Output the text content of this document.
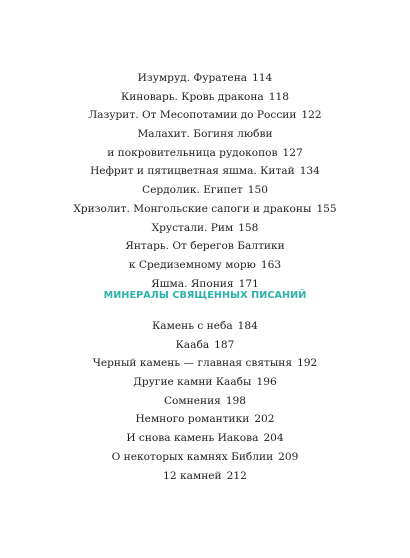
Изумруд. Фуратена 114
Киноварь. Кровь дракона 118
Лазурит. От Месопотамии до России 122
Малахит. Богиня любви
и покровительница рудокопов 127
Нефрит и пятицветная яшма. Китай 134
Сердолик. Египет 150
Хризолит. Монгольские сапоги и драконы 155
Хрустали. Рим 158
Янтарь. От берегов Балтики
к Средиземному морю 163
Яшма. Япония 171
МИНЕРАЛЫ СВЯЩЕННЫХ ПИСАНИЙ
Камень с неба 184
Кааба 187
Черный камень — главная святыня 192
Другие камни Каабы 196
Сомнения 198
Немного романтики 202
И снова камень Иакова 204
О некоторых камнях Библии 209
12 камней 212
